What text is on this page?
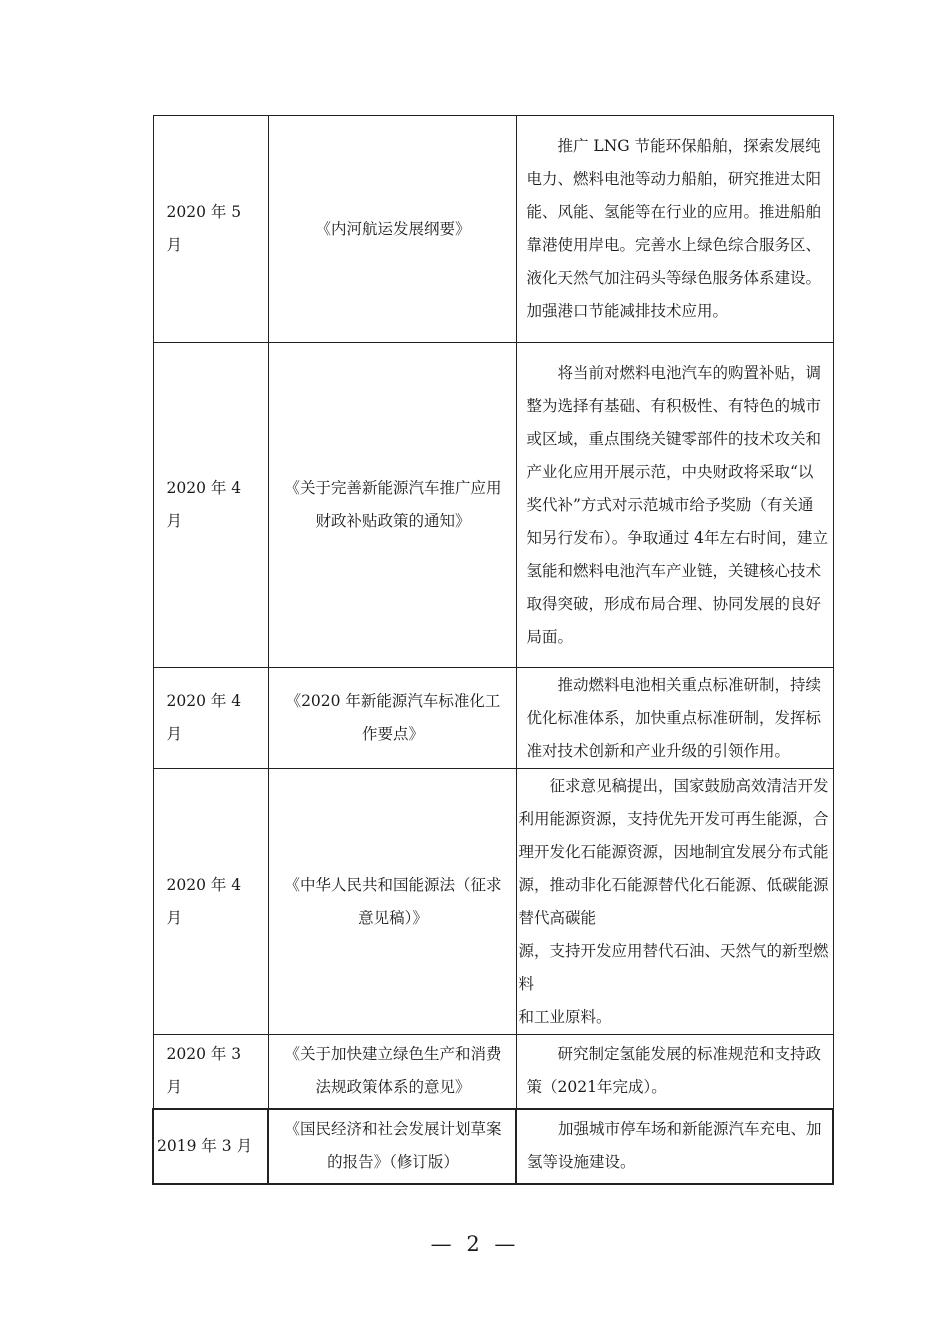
2020 年 5 月	《内河航运发展纲要》	推广 LNG 节能环保船舶，探索发展纯电力、燃料电池等动力船舶，研究推进太阳能、风能、氢能等在行业的应用。推进船舶靠港使用岸电。完善水上绿色综合服务区、液化天然气加注码头等绿色服务体系建设。加强港口节能减排技术应用。

2020 年 4 月	《关于完善新能源汽车推广应用财政补贴政策的通知》	将当前对燃料电池汽车的购置补贴，调整为选择有基础、有积极性、有特色的城市或区域，重点围绕关键零部件的技术攻关和产业化应用开展示范，中央财政将采取“以奖代补”方式对示范城市给予奖励（有关通知另行发布）。争取通过 4年左右时间，建立氢能和燃料电池汽车产业链，关键核心技术取得突破，形成布局合理、协同发展的良好局面。

2020 年 4 月	《2020 年新能源汽车标准化工作要点》	推动燃料电池相关重点标准研制，持续优化标准体系，加快重点标准研制，发挥标准对技术创新和产业升级的引领作用。

2020 年 4 月	《中华人民共和国能源法（征求意见稿）》	征求意见稿提出，国家鼓励高效清洁开发利用能源资源，支持优先开发可再生能源，合理开发化石能源资源，因地制宜发展分布式能源，推动非化石能源替代化石能源、低碳能源替代高碳能
源，支持开发应用替代石油、天然气的新型燃料
和工业原料。

2020 年 3 月	《关于加快建立绿色生产和消费法规政策体系的意见》	研究制定氢能发展的标准规范和支持政策（2021年完成）。

2019 年 3 月	《国民经济和社会发展计划草案的报告》（修订版）	加强城市停车场和新能源汽车充电、加氢等设施建设。
— 2 —
